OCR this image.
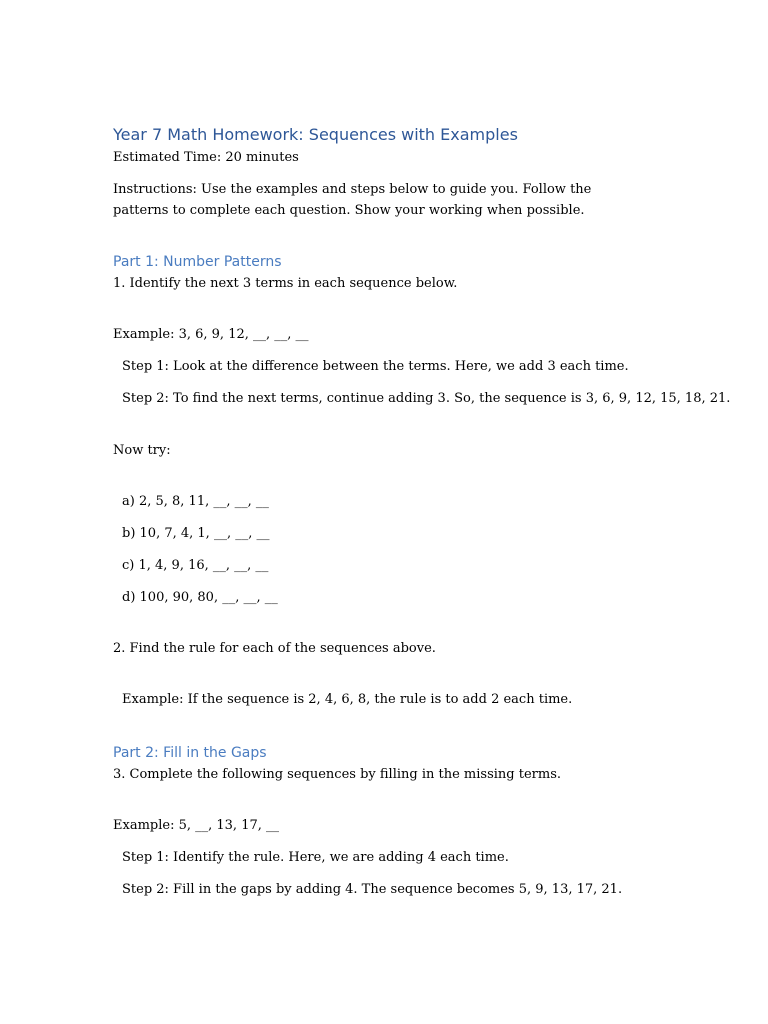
Year 7 Math Homework: Sequences with Examples

Estimated Time: 20 minutes

Instructions: Use the examples and steps below to guide you. Follow the patterns to complete each question. Show your working when possible.

Part 1: Number Patterns

1. Identify the next 3 terms in each sequence below.

Example: 3, 6, 9, 12, __, __, __

Step 1: Look at the difference between the terms. Here, we add 3 each time.

Step 2: To find the next terms, continue adding 3. So, the sequence is 3, 6, 9, 12, 15, 18, 21.

Now try:

a) 2, 5, 8, 11, __, __, __

b) 10, 7, 4, 1, __, __, __

c) 1, 4, 9, 16, __, __, __

d) 100, 90, 80, __, __, __

2. Find the rule for each of the sequences above.

Example: If the sequence is 2, 4, 6, 8, the rule is to add 2 each time.

Part 2: Fill in the Gaps

3. Complete the following sequences by filling in the missing terms.

Example: 5, __, 13, 17, __

Step 1: Identify the rule. Here, we are adding 4 each time.

Step 2: Fill in the gaps by adding 4. The sequence becomes 5, 9, 13, 17, 21.
